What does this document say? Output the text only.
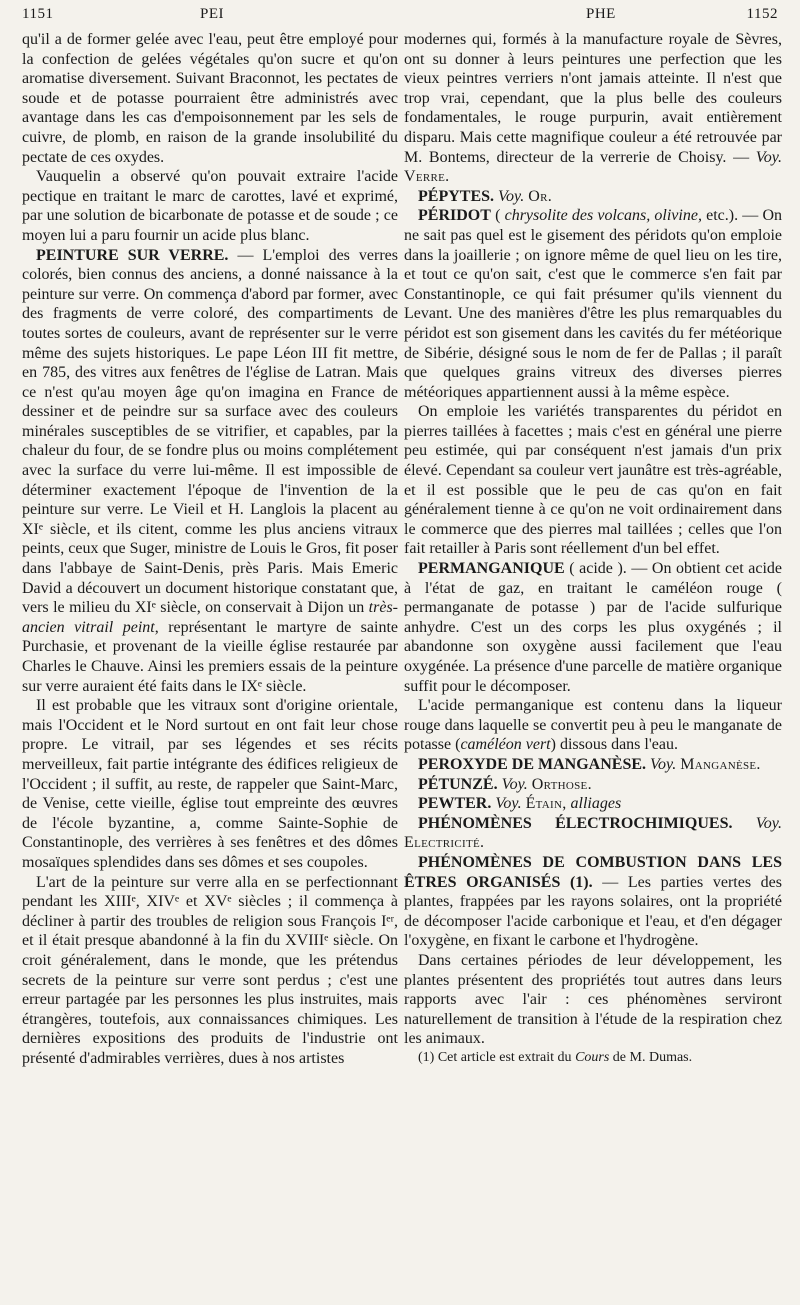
1151	PEI	PHE	1152

qu'il a de former gelée avec l'eau, peut être employé pour la confection de gelées végétales qu'on sucre et qu'on aromatise diversement. Suivant Braconnot, les pectates de soude et de potasse pourraient être administrés avec avantage dans les cas d'empoisonnement par les sels de cuivre, de plomb, en raison de la grande insolubilité du pectate de ces oxydes.

Vauquelin a observé qu'on pouvait extraire l'acide pectique en traitant le marc de carottes, lavé et exprimé, par une solution de bicarbonate de potasse et de soude ; ce moyen lui a paru fournir un acide plus blanc.

PEINTURE SUR VERRE. — L'emploi des verres colorés, bien connus des anciens, a donné naissance à la peinture sur verre. On commença d'abord par former, avec des fragments de verre coloré, des compartiments de toutes sortes de couleurs, avant de représenter sur le verre même des sujets historiques. Le pape Léon III fit mettre, en 785, des vitres aux fenêtres de l'église de Latran. Mais ce n'est qu'au moyen âge qu'on imagina en France de dessiner et de peindre sur sa surface avec des couleurs minérales susceptibles de se vitrifier, et capables, par la chaleur du four, de se fondre plus ou moins complétement avec la surface du verre lui-même. Il est impossible de déterminer exactement l'époque de l'invention de la peinture sur verre. Le Vieil et H. Langlois la placent au XIᵉ siècle, et ils citent, comme les plus anciens vitraux peints, ceux que Suger, ministre de Louis le Gros, fit poser dans l'abbaye de Saint-Denis, près Paris. Mais Emeric David a découvert un document historique constatant que, vers le milieu du XIᵉ siècle, on conservait à Dijon un très-ancien vitrail peint, représentant le martyre de sainte Purchasie, et provenant de la vieille église restaurée par Charles le Chauve. Ainsi les premiers essais de la peinture sur verre auraient été faits dans le IXᵉ siècle.

Il est probable que les vitraux sont d'origine orientale, mais l'Occident et le Nord surtout en ont fait leur chose propre. Le vitrail, par ses légendes et ses récits merveilleux, fait partie intégrante des édifices religieux de l'Occident ; il suffit, au reste, de rappeler que Saint-Marc, de Venise, cette vieille, église tout empreinte des œuvres de l'école byzantine, a, comme Sainte-Sophie de Constantinople, des verrières à ses fenêtres et des dômes mosaïques splendides dans ses dômes et ses coupoles.

L'art de la peinture sur verre alla en se perfectionnant pendant les XIIIᵉ, XIVᵉ et XVᵉ siècles ; il commença à décliner à partir des troubles de religion sous François Iᵉʳ, et il était presque abandonné à la fin du XVIIIᵉ siècle. On croit généralement, dans le monde, que les prétendus secrets de la peinture sur verre sont perdus ; c'est une erreur partagée par les personnes les plus instruites, mais étrangères, toutefois, aux connaissances chimiques. Les dernières expositions des produits de l'industrie ont présenté d'admirables verrières, dues à nos artistes

modernes qui, formés à la manufacture royale de Sèvres, ont su donner à leurs peintures une perfection que les vieux peintres verriers n'ont jamais atteinte. Il n'est que trop vrai, cependant, que la plus belle des couleurs fondamentales, le rouge purpurin, avait entièrement disparu. Mais cette magnifique couleur a été retrouvée par M. Bontems, directeur de la verrerie de Choisy. — Voy. Verre.

PÉPYTES. Voy. Or.

PÉRIDOT ( chrysolite des volcans, olivine, etc.). — On ne sait pas quel est le gisement des péridots qu'on emploie dans la joaillerie ; on ignore même de quel lieu on les tire, et tout ce qu'on sait, c'est que le commerce s'en fait par Constantinople, ce qui fait présumer qu'ils viennent du Levant. Une des manières d'être les plus remarquables du péridot est son gisement dans les cavités du fer météorique de Sibérie, désigné sous le nom de fer de Pallas ; il paraît que quelques grains vitreux des diverses pierres météoriques appartiennent aussi à la même espèce.

On emploie les variétés transparentes du péridot en pierres taillées à facettes ; mais c'est en général une pierre peu estimée, qui par conséquent n'est jamais d'un prix élevé. Cependant sa couleur vert jaunâtre est très-agréable, et il est possible que le peu de cas qu'on en fait généralement tienne à ce qu'on ne voit ordinairement dans le commerce que des pierres mal taillées ; celles que l'on fait retailler à Paris sont réellement d'un bel effet.

PERMANGANIQUE ( acide ). — On obtient cet acide à l'état de gaz, en traitant le caméléon rouge ( permanganate de potasse ) par de l'acide sulfurique anhydre. C'est un des corps les plus oxygénés ; il abandonne son oxygène aussi facilement que l'eau oxygénée. La présence d'une parcelle de matière organique suffit pour le décomposer.

L'acide permanganique est contenu dans la liqueur rouge dans laquelle se convertit peu à peu le manganate de potasse (caméléon vert) dissous dans l'eau.

PEROXYDE DE MANGANÈSE. Voy. Manganèse.

PÉTUNZÉ. Voy. Orthose.

PEWTER. Voy. Étain, alliages

PHÉNOMÈNES ÉLECTROCHIMIQUES. Voy. Electricité.

PHÉNOMÈNES DE COMBUSTION DANS LES ÊTRES ORGANISÉS (1). — Les parties vertes des plantes, frappées par les rayons solaires, ont la propriété de décomposer l'acide carbonique et l'eau, et d'en dégager l'oxygène, en fixant le carbone et l'hydrogène.

Dans certaines périodes de leur développement, les plantes présentent des propriétés tout autres dans leurs rapports avec l'air : ces phénomènes serviront naturellement de transition à l'étude de la respiration chez les animaux.

(1) Cet article est extrait du Cours de M. Dumas.
